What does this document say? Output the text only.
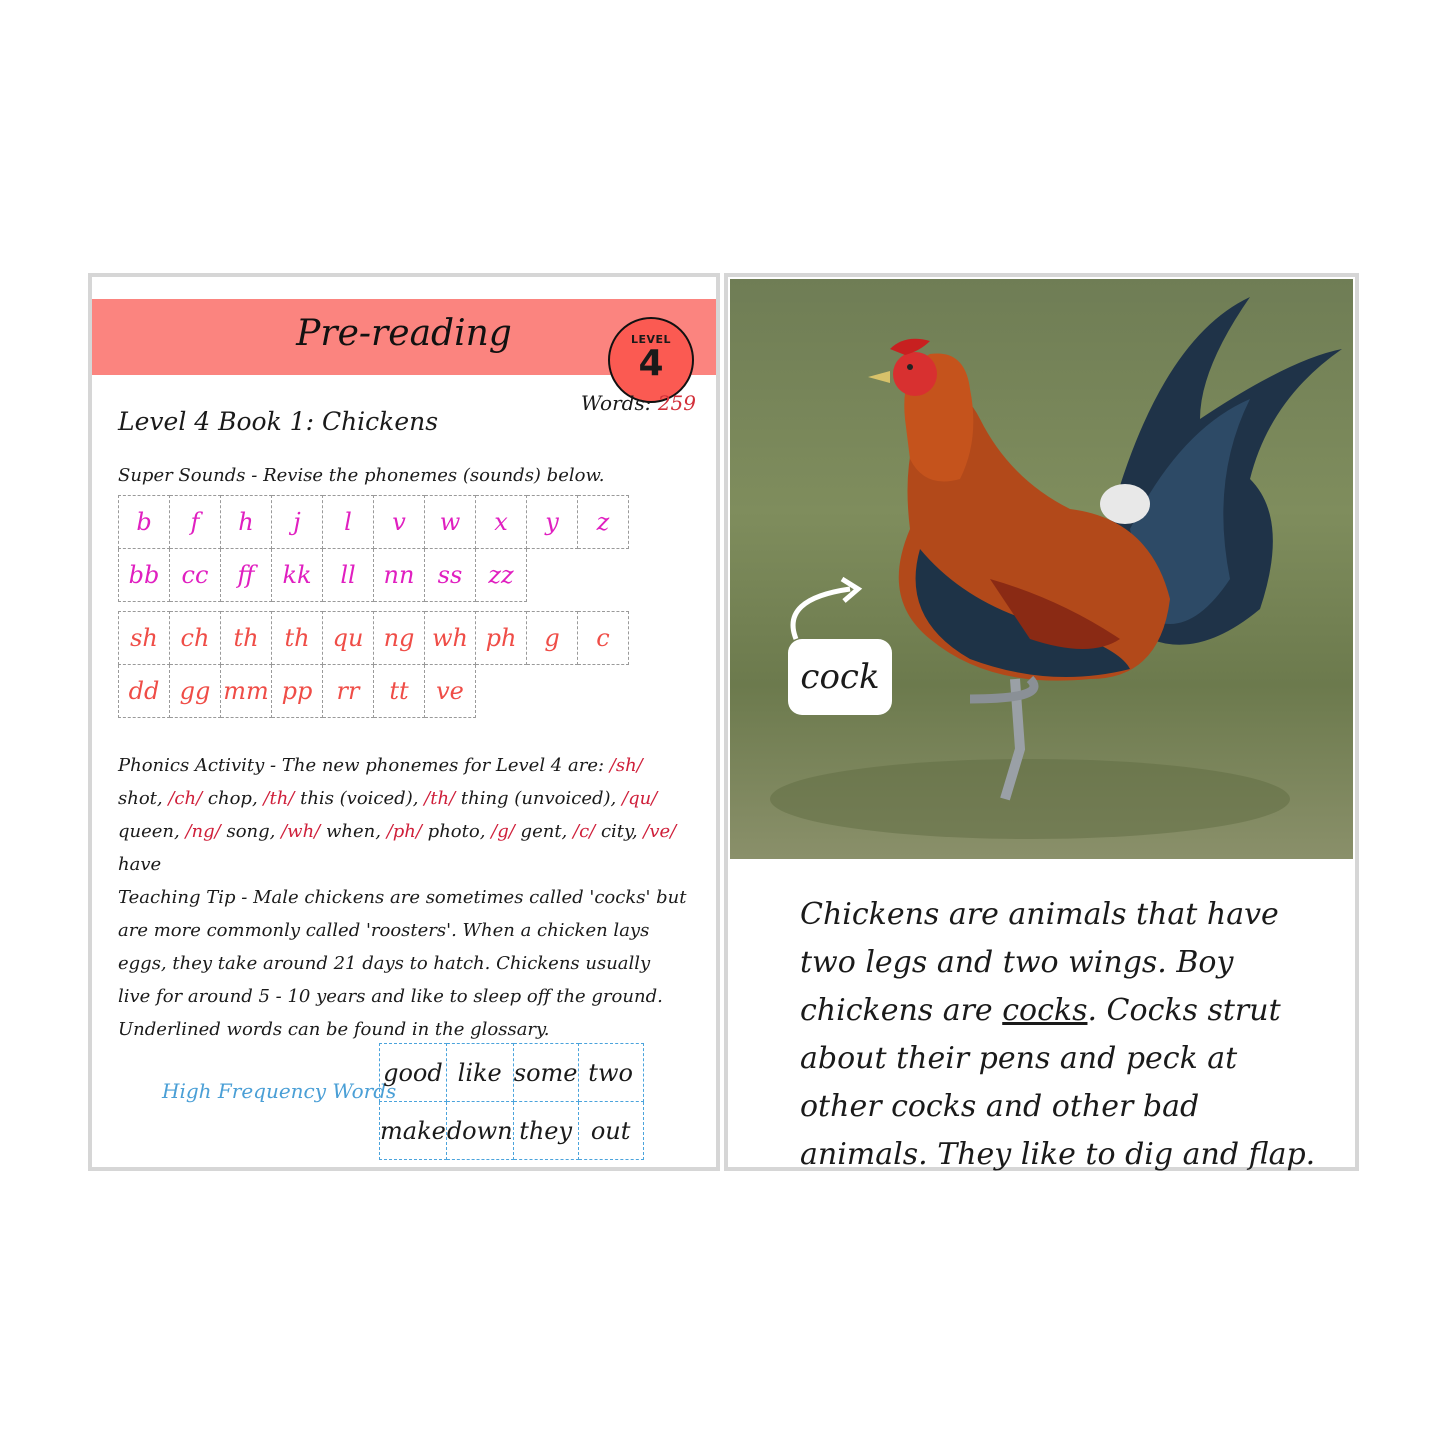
Pre-reading	LEVEL
4
Words: 259
Level 4 Book 1: Chickens
Super Sounds - Revise the phonemes (sounds) below.
b	f	h	j	l	v	w	x	y	z
bb	cc	ff	kk	ll	nn	ss	zz		
sh	ch	th	th	qu	ng	wh	ph	g	c
dd	gg	mm	pp	rr	tt	ve			
Phonics Activity - The new phonemes for Level 4 are: /sh/ shot, /ch/ chop, /th/ this (voiced), /th/ thing (unvoiced), /qu/ queen, /ng/ song, /wh/ when, /ph/ photo, /g/ gent, /c/ city, /ve/ have
Teaching Tip - Male chickens are sometimes called 'cocks' but are more commonly called 'roosters'. When a chicken lays eggs, they take around 21 days to hatch. Chickens usually live for around 5 - 10 years and like to sleep off the ground. Underlined words can be found in the glossary.
High Frequency Words
good	like	some	two
make	down	they	out
cock
Chickens are animals that have two legs and two wings. Boy chickens are cocks. Cocks strut about their pens and peck at other cocks and other bad animals. They like to dig and flap.
